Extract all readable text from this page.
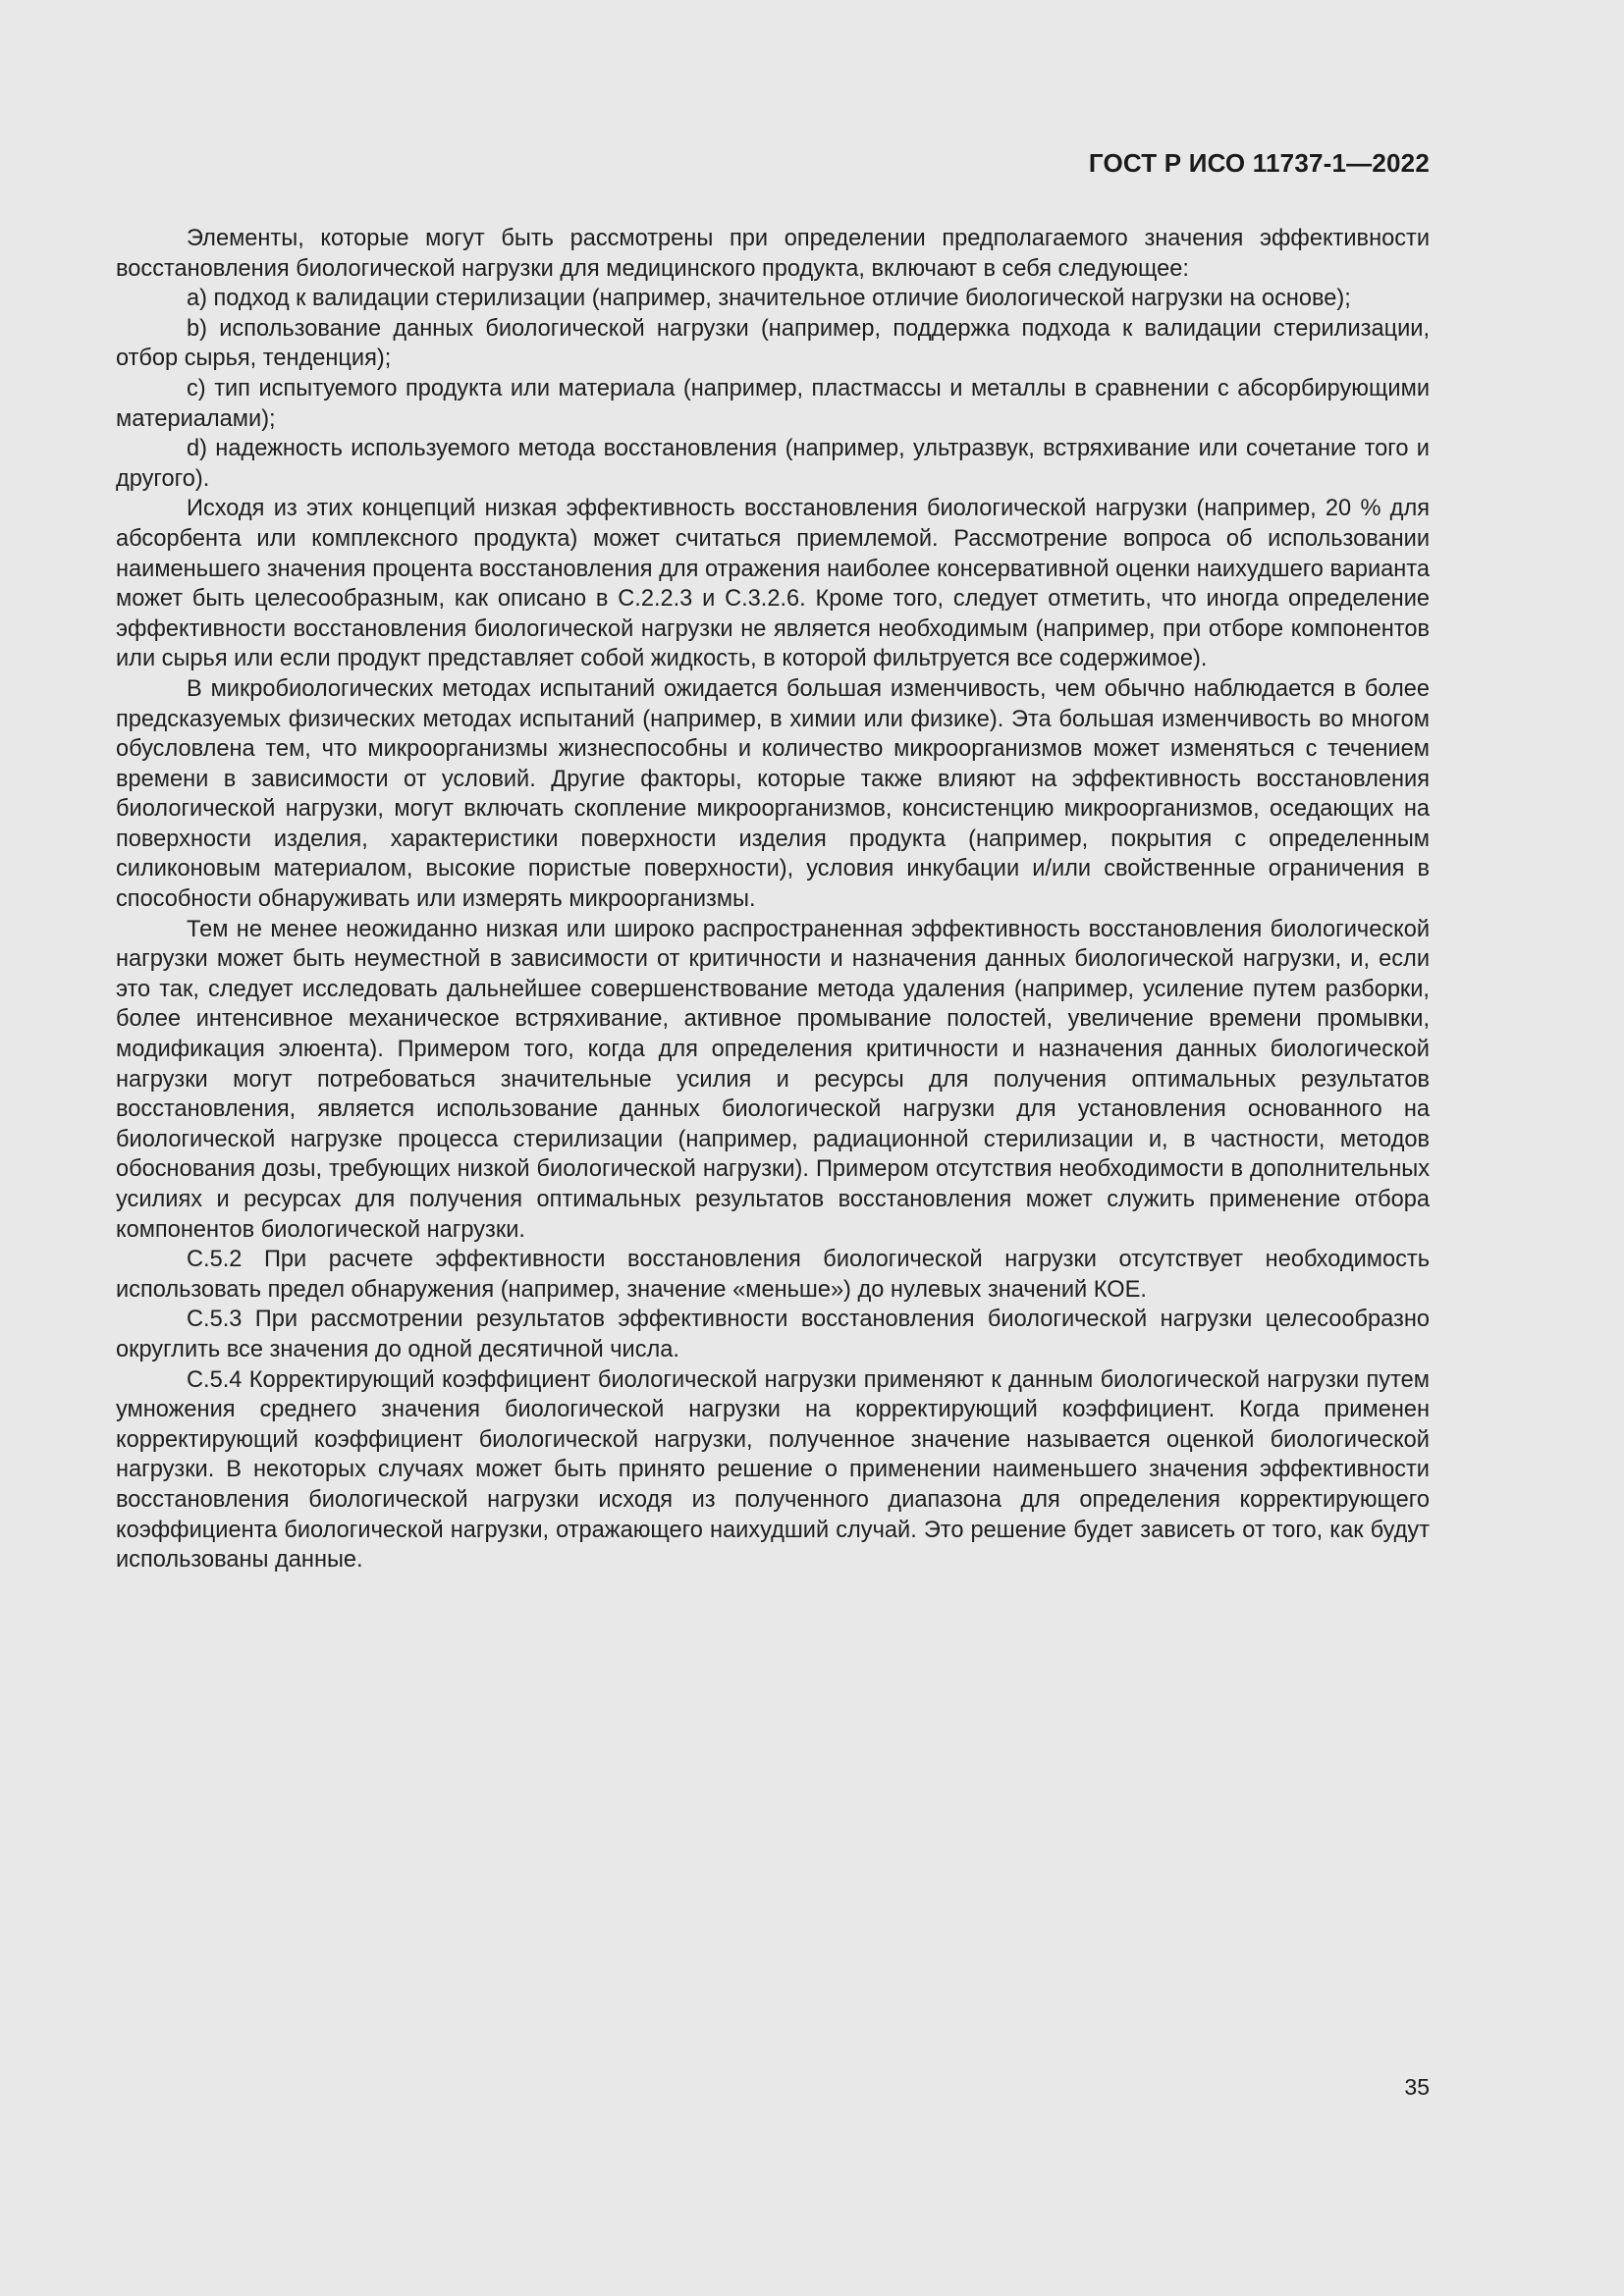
ГОСТ Р ИСО 11737-1—2022

Элементы, которые могут быть рассмотрены при определении предполагаемого значения эффективности восстановления биологической нагрузки для медицинского продукта, включают в себя следующее:

a) подход к валидации стерилизации (например, значительное отличие биологической нагрузки на основе);

b) использование данных биологической нагрузки (например, поддержка подхода к валидации стерилизации, отбор сырья, тенденция);

c) тип испытуемого продукта или материала (например, пластмассы и металлы в сравнении с абсорбирующими материалами);

d) надежность используемого метода восстановления (например, ультразвук, встряхивание или сочетание того и другого).

Исходя из этих концепций низкая эффективность восстановления биологической нагрузки (например, 20 % для абсорбента или комплексного продукта) может считаться приемлемой. Рассмотрение вопроса об использовании наименьшего значения процента восстановления для отражения наиболее консервативной оценки наихудшего варианта может быть целесообразным, как описано в С.2.2.3 и С.3.2.6. Кроме того, следует отметить, что иногда определение эффективности восстановления биологической нагрузки не является необходимым (например, при отборе компонентов или сырья или если продукт представляет собой жидкость, в которой фильтруется все содержимое).

В микробиологических методах испытаний ожидается большая изменчивость, чем обычно наблюдается в более предсказуемых физических методах испытаний (например, в химии или физике). Эта большая изменчивость во многом обусловлена тем, что микроорганизмы жизнеспособны и количество микроорганизмов может изменяться с течением времени в зависимости от условий. Другие факторы, которые также влияют на эффективность восстановления биологической нагрузки, могут включать скопление микроорганизмов, консистенцию микроорганизмов, оседающих на поверхности изделия, характеристики поверхности изделия продукта (например, покрытия с определенным силиконовым материалом, высокие пористые поверхности), условия инкубации и/или свойственные ограничения в способности обнаруживать или измерять микроорганизмы.

Тем не менее неожиданно низкая или широко распространенная эффективность восстановления биологической нагрузки может быть неуместной в зависимости от критичности и назначения данных биологической нагрузки, и, если это так, следует исследовать дальнейшее совершенствование метода удаления (например, усиление путем разборки, более интенсивное механическое встряхивание, активное промывание полостей, увеличение времени промывки, модификация элюента). Примером того, когда для определения критичности и назначения данных биологической нагрузки могут потребоваться значительные усилия и ресурсы для получения оптимальных результатов восстановления, является использование данных биологической нагрузки для установления основанного на биологической нагрузке процесса стерилизации (например, радиационной стерилизации и, в частности, методов обоснования дозы, требующих низкой биологической нагрузки). Примером отсутствия необходимости в дополнительных усилиях и ресурсах для получения оптимальных результатов восстановления может служить применение отбора компонентов биологической нагрузки.

С.5.2 При расчете эффективности восстановления биологической нагрузки отсутствует необходимость использовать предел обнаружения (например, значение «меньше») до нулевых значений КОЕ.

С.5.3 При рассмотрении результатов эффективности восстановления биологической нагрузки целесообразно округлить все значения до одной десятичной числа.

С.5.4 Корректирующий коэффициент биологической нагрузки применяют к данным биологической нагрузки путем умножения среднего значения биологической нагрузки на корректирующий коэффициент. Когда применен корректирующий коэффициент биологической нагрузки, полученное значение называется оценкой биологической нагрузки. В некоторых случаях может быть принято решение о применении наименьшего значения эффективности восстановления биологической нагрузки исходя из полученного диапазона для определения корректирующего коэффициента биологической нагрузки, отражающего наихудший случай. Это решение будет зависеть от того, как будут использованы данные.

35
